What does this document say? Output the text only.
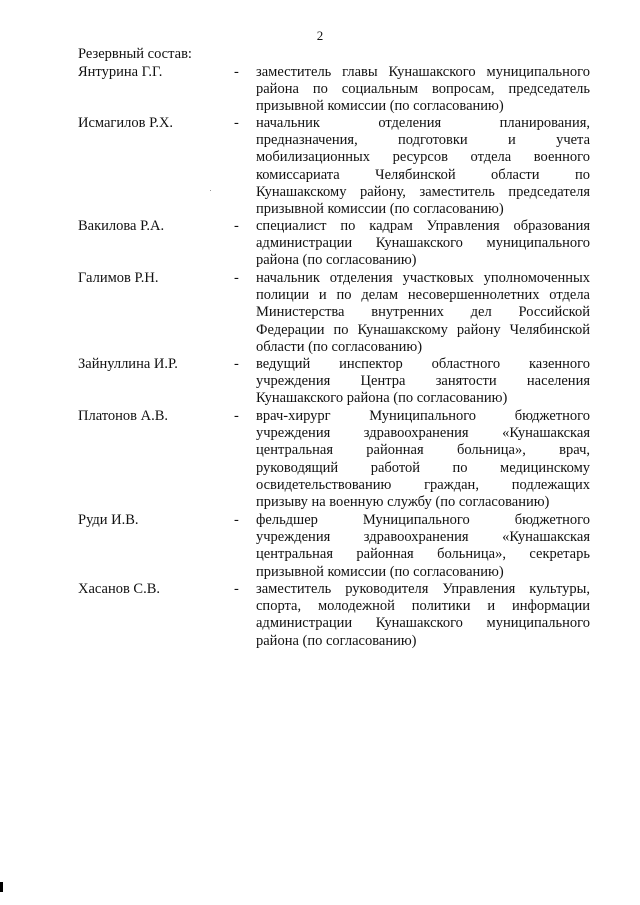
2
Резервный состав:
Янтурина Г.Г.	- заместитель главы Кунашакского муниципального
района по социальным вопросам, председатель
призывной комиссии (по согласованию)
Исмагилов Р.Х.	- начальник отделения планирования,
предназначения, подготовки и учета
мобилизационных ресурсов отдела военного
комиссариата Челябинской области по
Кунашакскому району, заместитель председателя
призывной комиссии (по согласованию)
Вакилова Р.А.	- специалист по кадрам Управления образования
администрации Кунашакского муниципального
района (по согласованию)
Галимов Р.Н.	- начальник отделения участковых уполномоченных
полиции и по делам несовершеннолетних отдела
Министерства внутренних дел Российской
Федерации по Кунашакскому району Челябинской
области (по согласованию)
Зайнуллина И.Р.	- ведущий инспектор областного казенного
учреждения Центра занятости населения
Кунашакского района (по согласованию)
Платонов А.В.	- врач-хирург Муниципального бюджетного
учреждения здравоохранения «Кунашакская
центральная районная больница», врач,
руководящий работой по медицинскому
освидетельствованию граждан, подлежащих
призыву на военную службу (по согласованию)
Руди И.В.	- фельдшер Муниципального бюджетного
учреждения здравоохранения «Кунашакская
центральная районная больница», секретарь
призывной комиссии (по согласованию)
Хасанов С.В.	- заместитель руководителя Управления культуры,
спорта, молодежной политики и информации
администрации Кунашакского муниципального
района (по согласованию)
